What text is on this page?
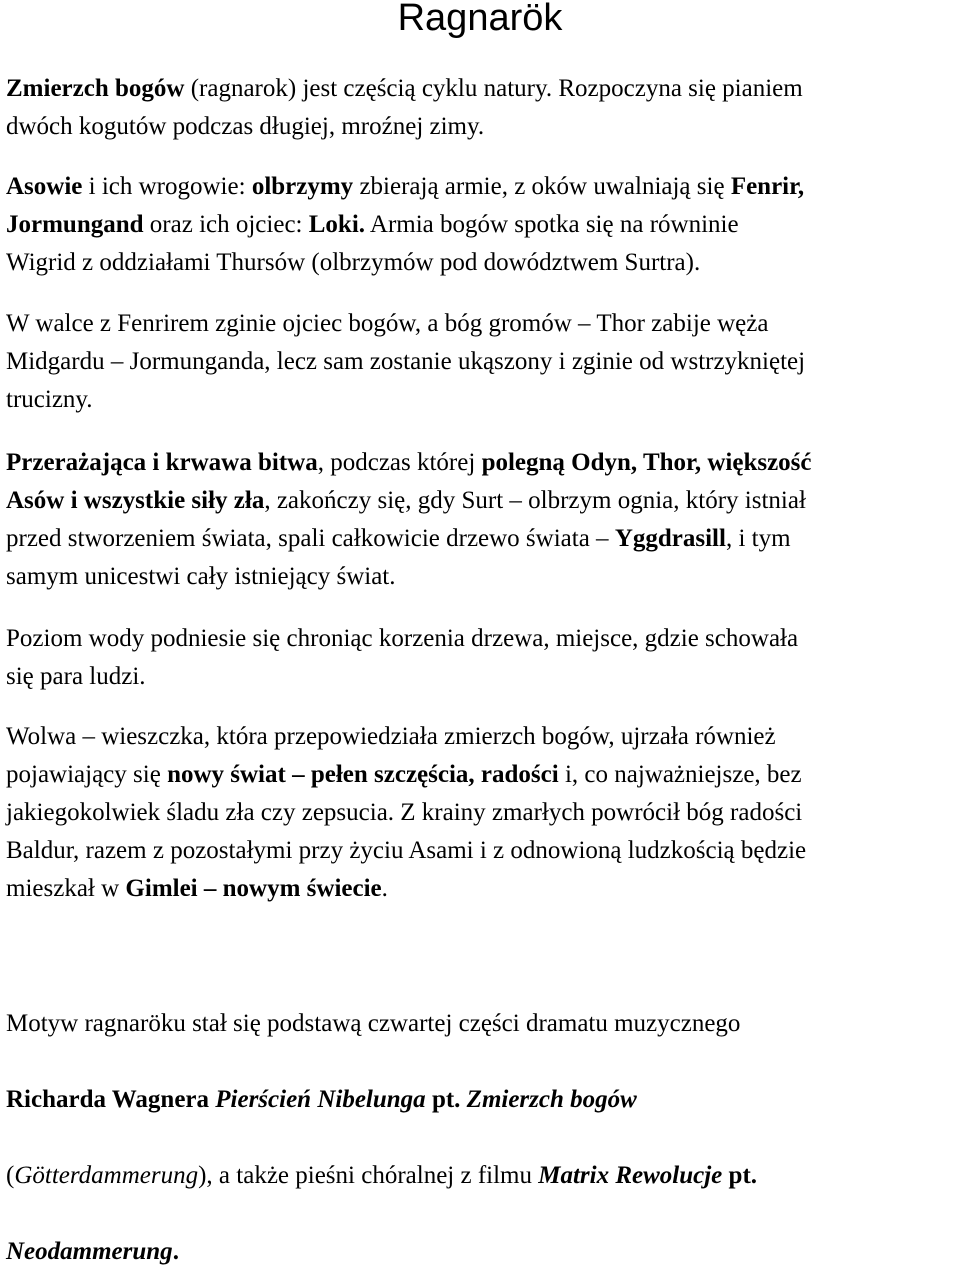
Ragnarök
Zmierzch bogów (ragnarok) jest częścią cyklu natury. Rozpoczyna się pianiem
dwóch kogutów podczas długiej, mroźnej zimy.
Asowie i ich wrogowie: olbrzymy zbierają armie, z oków uwalniają się Fenrir,
Jormungand oraz ich ojciec: Loki. Armia bogów spotka się na równinie
Wigrid z oddziałami Thursów (olbrzymów pod dowództwem Surtra).
W walce z Fenrirem zginie ojciec bogów, a bóg gromów – Thor zabije węża
Midgardu – Jormunganda, lecz sam zostanie ukąszony i zginie od wstrzykniętej
trucizny.
Przerażająca i krwawa bitwa, podczas której polegną Odyn, Thor, większość
Asów i wszystkie siły zła, zakończy się, gdy Surt – olbrzym ognia, który istniał
przed stworzeniem świata, spali całkowicie drzewo świata – Yggdrasill, i tym
samym unicestwi cały istniejący świat.
Poziom wody podniesie się chroniąc korzenia drzewa, miejsce, gdzie schowała
się para ludzi.
Wolwa – wieszczka, która przepowiedziała zmierzch bogów, ujrzała również
pojawiający się nowy świat – pełen szczęścia, radości i, co najważniejsze, bez
jakiegokolwiek śladu zła czy zepsucia. Z krainy zmarłych powrócił bóg radości
Baldur, razem z pozostałymi przy życiu Asami i z odnowioną ludzkością będzie
mieszkał w Gimlei – nowym świecie.
Motyw ragnaröku stał się podstawą czwartej części dramatu muzycznego
Richarda Wagnera Pierścień Nibelunga pt. Zmierzch bogów
(Götterdammerung), a także pieśni chóralnej z filmu Matrix Rewolucje pt.
Neodammerung.
